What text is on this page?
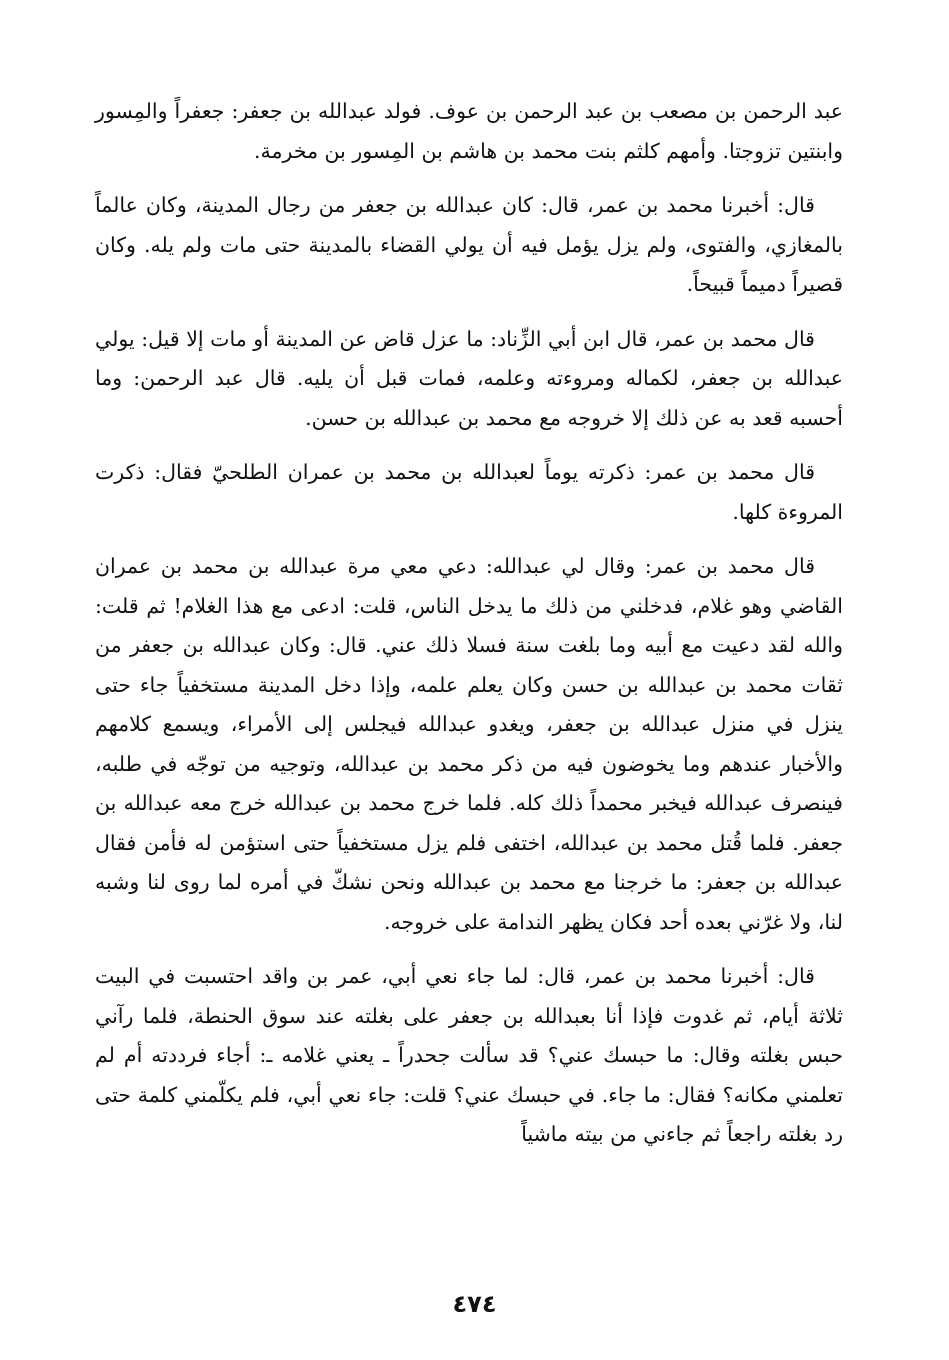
عبد الرحمن بن مصعب بن عبد الرحمن بن عوف. فولد عبدالله بن جعفر: جعفراً والمِسور وابنتين تزوجتا. وأمهم كلثم بنت محمد بن هاشم بن المِسور بن مخرمة.

قال: أخبرنا محمد بن عمر، قال: كان عبدالله بن جعفر من رجال المدينة، وكان عالماً بالمغازي، والفتوى، ولم يزل يؤمل فيه أن يولي القضاء بالمدينة حتى مات ولم يله. وكان قصيراً دميماً قبيحاً.

قال محمد بن عمر، قال ابن أبي الزِّناد: ما عزل قاض عن المدينة أو مات إلا قيل: يولي عبدالله بن جعفر، لكماله ومروءته وعلمه، فمات قبل أن يليه. قال عبد الرحمن: وما أحسبه قعد به عن ذلك إلا خروجه مع محمد بن عبدالله بن حسن.

قال محمد بن عمر: ذكرته يوماً لعبدالله بن محمد بن عمران الطلحيّ فقال: ذكرت المروءة كلها.

قال محمد بن عمر: وقال لي عبدالله: دعي معي مرة عبدالله بن محمد بن عمران القاضي وهو غلام، فدخلني من ذلك ما يدخل الناس، قلت: ادعى مع هذا الغلام! ثم قلت: والله لقد دعيت مع أبيه وما بلغت سنة فسلا ذلك عني. قال: وكان عبدالله بن جعفر من ثقات محمد بن عبدالله بن حسن وكان يعلم علمه، وإذا دخل المدينة مستخفياً جاء حتى ينزل في منزل عبدالله بن جعفر، ويغدو عبدالله فيجلس إلى الأمراء، ويسمع كلامهم والأخبار عندهم وما يخوضون فيه من ذكر محمد بن عبدالله، وتوجيه من توجّه في طلبه، فينصرف عبدالله فيخبر محمداً ذلك كله. فلما خرج محمد بن عبدالله خرج معه عبدالله بن جعفر. فلما قُتل محمد بن عبدالله، اختفى فلم يزل مستخفياً حتى استؤمن له فأمن فقال عبدالله بن جعفر: ما خرجنا مع محمد بن عبدالله ونحن نشكّ في أمره لما روى لنا وشبه لنا، ولا غرّني بعده أحد فكان يظهر الندامة على خروجه.

قال: أخبرنا محمد بن عمر، قال: لما جاء نعي أبي، عمر بن واقد احتسبت في البيت ثلاثة أيام، ثم غدوت فإذا أنا بعبدالله بن جعفر على بغلته عند سوق الحنطة، فلما رآني حبس بغلته وقال: ما حبسك عني؟ قد سألت جحدراً ـ يعني غلامه ـ: أجاء فرددته أم لم تعلمني مكانه؟ فقال: ما جاء. في حبسك عني؟ قلت: جاء نعي أبي، فلم يكلّمني كلمة حتى رد بغلته راجعاً ثم جاءني من بيته ماشياً

٤٧٤
